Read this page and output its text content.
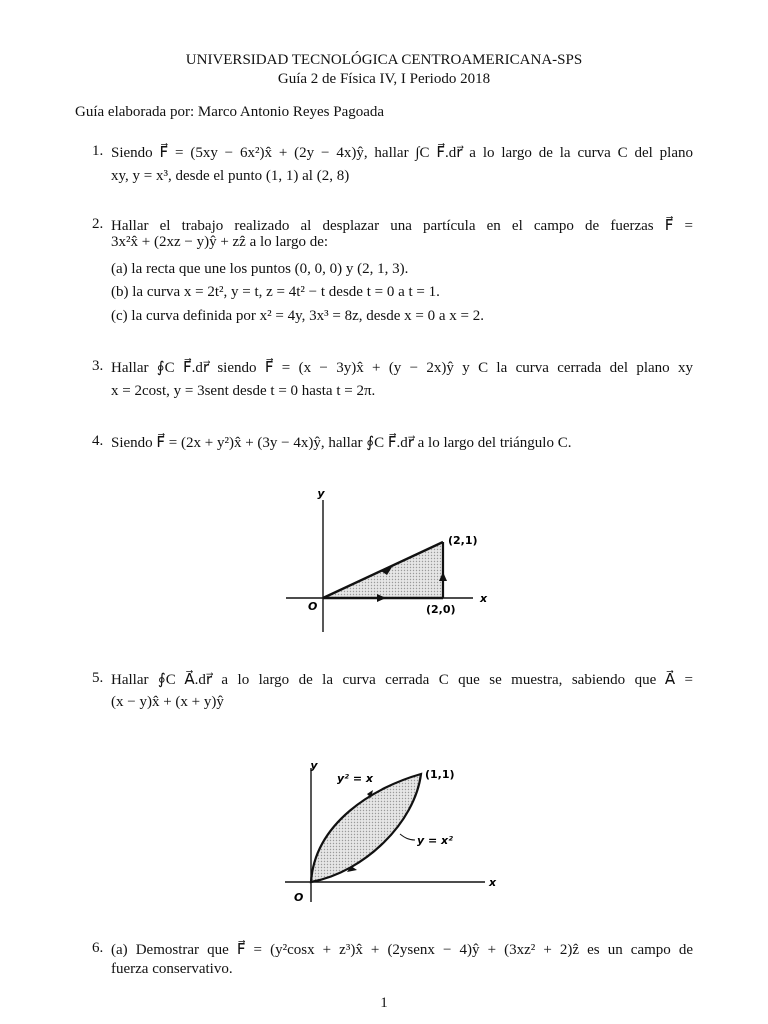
UNIVERSIDAD TECNOLÓGICA CENTROAMERICANA-SPS
Guía 2 de Física IV, I Periodo 2018
Guía elaborada por: Marco Antonio Reyes Pagoada
1. Siendo F⃗ = (5xy − 6x²)x̂ + (2y − 4x)ŷ, hallar ∫C F⃗.dr⃗ a lo largo de la curva C del plano
xy, y = x³, desde el punto (1, 1) al (2, 8)
2. Hallar el trabajo realizado al desplazar una partícula en el campo de fuerzas F⃗ =
3x²x̂ + (2xz − y)ŷ + zẑ a lo largo de:
(a) la recta que une los puntos (0, 0, 0) y (2, 1, 3).
(b) la curva x = 2t², y = t, z = 4t² − t desde t = 0 a t = 1.
(c) la curva definida por x² = 4y, 3x³ = 8z, desde x = 0 a x = 2.
3. Hallar ∮C F⃗.dr⃗ siendo F⃗ = (x − 3y)x̂ + (y − 2x)ŷ y C la curva cerrada del plano xy
x = 2cost, y = 3sent desde t = 0 hasta t = 2π.
4. Siendo F⃗ = (2x + y²)x̂ + (3y − 4x)ŷ, hallar ∮C F⃗.dr⃗ a lo largo del triángulo C.
y
x
O
(2,1)
(2,0)
5. Hallar ∮C A⃗.dr⃗ a lo largo de la curva cerrada C que se muestra, sabiendo que A⃗ =
(x − y)x̂ + (x + y)ŷ
y
x
O
(1,1)
y² = x
y = x²
6. (a) Demostrar que F⃗ = (y²cosx + z³)x̂ + (2ysenx − 4)ŷ + (3xz² + 2)ẑ es un campo de
fuerza conservativo.
1
